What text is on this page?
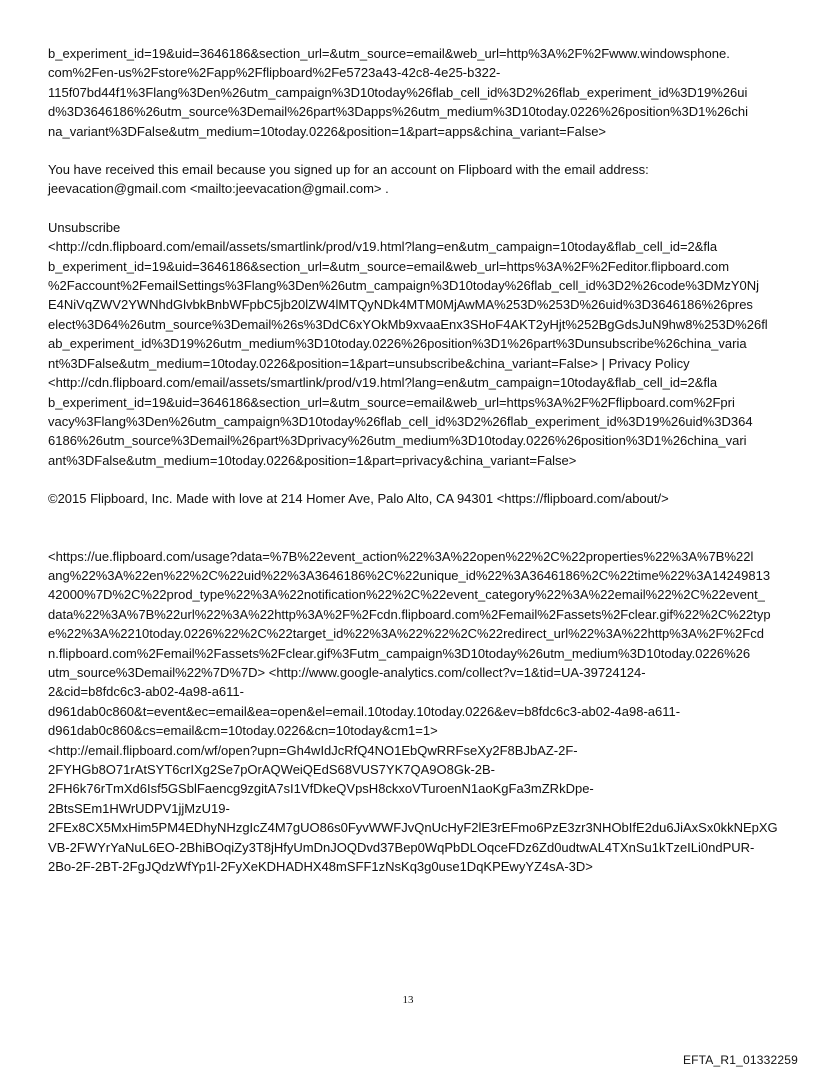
b_experiment_id=19&uid=3646186&section_url=&utm_source=email&web_url=http%3A%2F%2Fwww.windowsphone.
com%2Fen-us%2Fstore%2Fapp%2Fflipboard%2Fe5723a43-42c8-4e25-b322-
115f07bd44f1%3Flang%3Den%26utm_campaign%3D10today%26flab_cell_id%3D2%26flab_experiment_id%3D19%26ui
d%3D3646186%26utm_source%3Demail%26part%3Dapps%26utm_medium%3D10today.0226%26position%3D1%26chi
na_variant%3DFalse&utm_medium=10today.0226&position=1&part=apps&china_variant=False>
You have received this email because you signed up for an account on Flipboard with the email address:
jeevacation@gmail.com <mailto:jeevacation@gmail.com> .
Unsubscribe
<http://cdn.flipboard.com/email/assets/smartlink/prod/v19.html?lang=en&utm_campaign=10today&flab_cell_id=2&fla
b_experiment_id=19&uid=3646186&section_url=&utm_source=email&web_url=https%3A%2F%2Feditor.flipboard.com
%2Faccount%2FemailSettings%3Flang%3Den%26utm_campaign%3D10today%26flab_cell_id%3D2%26code%3DMzY0Nj
E4NiVqZWV2YWNhdGlvbkBnbWFpbC5jb20lZW4lMTQyNDk4MTM0MjAwMA%253D%253D%26uid%3D3646186%26pres
elect%3D64%26utm_source%3Demail%26s%3DdC6xYOkMb9xvaaEnx3SHoF4AKT2yHjt%252BgGdsJuN9hw8%253D%26fl
ab_experiment_id%3D19%26utm_medium%3D10today.0226%26position%3D1%26part%3Dunsubscribe%26china_varia
nt%3DFalse&utm_medium=10today.0226&position=1&part=unsubscribe&china_variant=False> | Privacy Policy
<http://cdn.flipboard.com/email/assets/smartlink/prod/v19.html?lang=en&utm_campaign=10today&flab_cell_id=2&fla
b_experiment_id=19&uid=3646186&section_url=&utm_source=email&web_url=https%3A%2F%2Fflipboard.com%2Fpri
vacy%3Flang%3Den%26utm_campaign%3D10today%26flab_cell_id%3D2%26flab_experiment_id%3D19%26uid%3D364
6186%26utm_source%3Demail%26part%3Dprivacy%26utm_medium%3D10today.0226%26position%3D1%26china_vari
ant%3DFalse&utm_medium=10today.0226&position=1&part=privacy&china_variant=False>
©2015 Flipboard, Inc. Made with love at 214 Homer Ave, Palo Alto, CA 94301 <https://flipboard.com/about/>
<https://ue.flipboard.com/usage?data=%7B%22event_action%22%3A%22open%22%2C%22properties%22%3A%7B%22l
ang%22%3A%22en%22%2C%22uid%22%3A3646186%2C%22unique_id%22%3A3646186%2C%22time%22%3A14249813
42000%7D%2C%22prod_type%22%3A%22notification%22%2C%22event_category%22%3A%22email%22%2C%22event_
data%22%3A%7B%22url%22%3A%22http%3A%2F%2Fcdn.flipboard.com%2Femail%2Fassets%2Fclear.gif%22%2C%22typ
e%22%3A%2210today.0226%22%2C%22target_id%22%3A%22%22%2C%22redirect_url%22%3A%22http%3A%2F%2Fcd
n.flipboard.com%2Femail%2Fassets%2Fclear.gif%3Futm_campaign%3D10today%26utm_medium%3D10today.0226%26
utm_source%3Demail%22%7D%7D> <http://www.google-analytics.com/collect?v=1&tid=UA-39724124-
2&cid=b8fdc6c3-ab02-4a98-a611-
d961dab0c860&t=event&ec=email&ea=open&el=email.10today.10today.0226&ev=b8fdc6c3-ab02-4a98-a611-
d961dab0c860&cs=email&cm=10today.0226&cn=10today&cm1=1>
<http://email.flipboard.com/wf/open?upn=Gh4wIdJcRfQ4NO1EbQwRRFseXy2F8BJbAZ-2F-
2FYHGb8O71rAtSYT6crIXg2Se7pOrAQWeiQEdS68VUS7YK7QA9O8Gk-2B-
2FH6k76rTmXd6Isf5GSblFaencg9zgitA7sI1VfDkeQVpsH8ckxoVTuroenN1aoKgFa3mZRkDpe-
2BtsSEm1HWrUDPV1jjMzU19-
2FEx8CX5MxHim5PM4EDhyNHzgIcZ4M7gUO86s0FyvWWFJvQnUcHyF2lE3rEFmo6PzE3zr3NHObIfE2du6JiAxSx0kkNEpXG
VB-2FWYrYaNuL6EO-2BhiBOqiZy3T8jHfyUmDnJOQDvd37Bep0WqPbDLOqceFDz6Zd0udtwAL4TXnSu1kTzeILi0ndPUR-
2Bo-2F-2BT-2FgJQdzWfYp1l-2FyXeKDHADHX48mSFF1zNsKq3g0use1DqKPEwyYZ4sA-3D>
13
EFTA_R1_01332259
